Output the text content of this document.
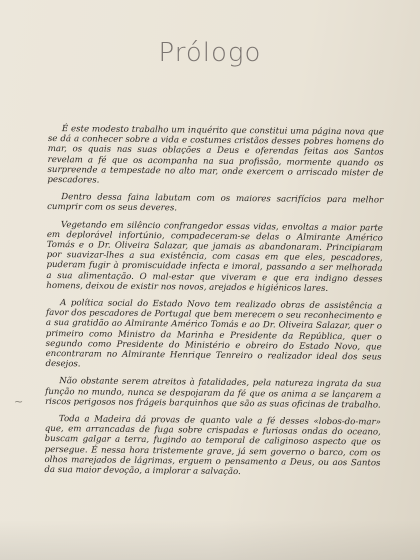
Prólogo

É este modesto trabalho um inquérito que constitui uma página nova que se dá a conhecer sobre a vida e costumes cristãos desses pobres homens do mar, os quais nas suas oblações a Deus e oferendas feitas aos Santos revelam a fé que os acompanha na sua profissão, mormente quando os surpreende a tempestade no alto mar, onde exercem o arriscado mister de pescadores.

Dentro dessa faina labutam com os maiores sacrifícios para melhor cumprir com os seus deveres.

Vegetando em silêncio confrangedor essas vidas, envoltas a maior parte em deplorável infortúnio, compadeceram-se delas o Almirante Américo Tomás e o Dr. Oliveira Salazar, que jamais as abandonaram. Principiaram por suavizar-lhes a sua existência, com casas em que eles, pescadores, puderam fugir à promiscuidade infecta e imoral, passando a ser melhorada a sua alimentação. O mal-estar que viveram e que era indigno desses homens, deixou de existir nos novos, arejados e higiénicos lares.

A política social do Estado Novo tem realizado obras de assistência a favor dos pescadores de Portugal que bem merecem o seu reconhecimento e a sua gratidão ao Almirante Américo Tomás e ao Dr. Oliveira Salazar, quer o primeiro como Ministro da Marinha e Presidente da República, quer o segundo como Presidente do Ministério e obreiro do Estado Novo, que encontraram no Almirante Henrique Tenreiro o realizador ideal dos seus desejos.

Não obstante serem atreitos à fatalidades, pela natureza ingrata da sua função no mundo, nunca se despojaram da fé que os anima a se lançarem a riscos perigosos nos frágeis barquinhos que são as suas oficinas de trabalho.

Toda a Madeira dá provas de quanto vale a fé desses «lobos-do-mar» que, em arrancadas de fuga sobre crispadas e furiosas ondas do oceano, buscam galgar a terra, fugindo ao temporal de caliginoso aspecto que os persegue. É nessa hora tristemente grave, já sem governo o barco, com os olhos marejados de lágrimas, erguem o pensamento a Deus, ou aos Santos da sua maior devoção, a implorar a salvação.

~
